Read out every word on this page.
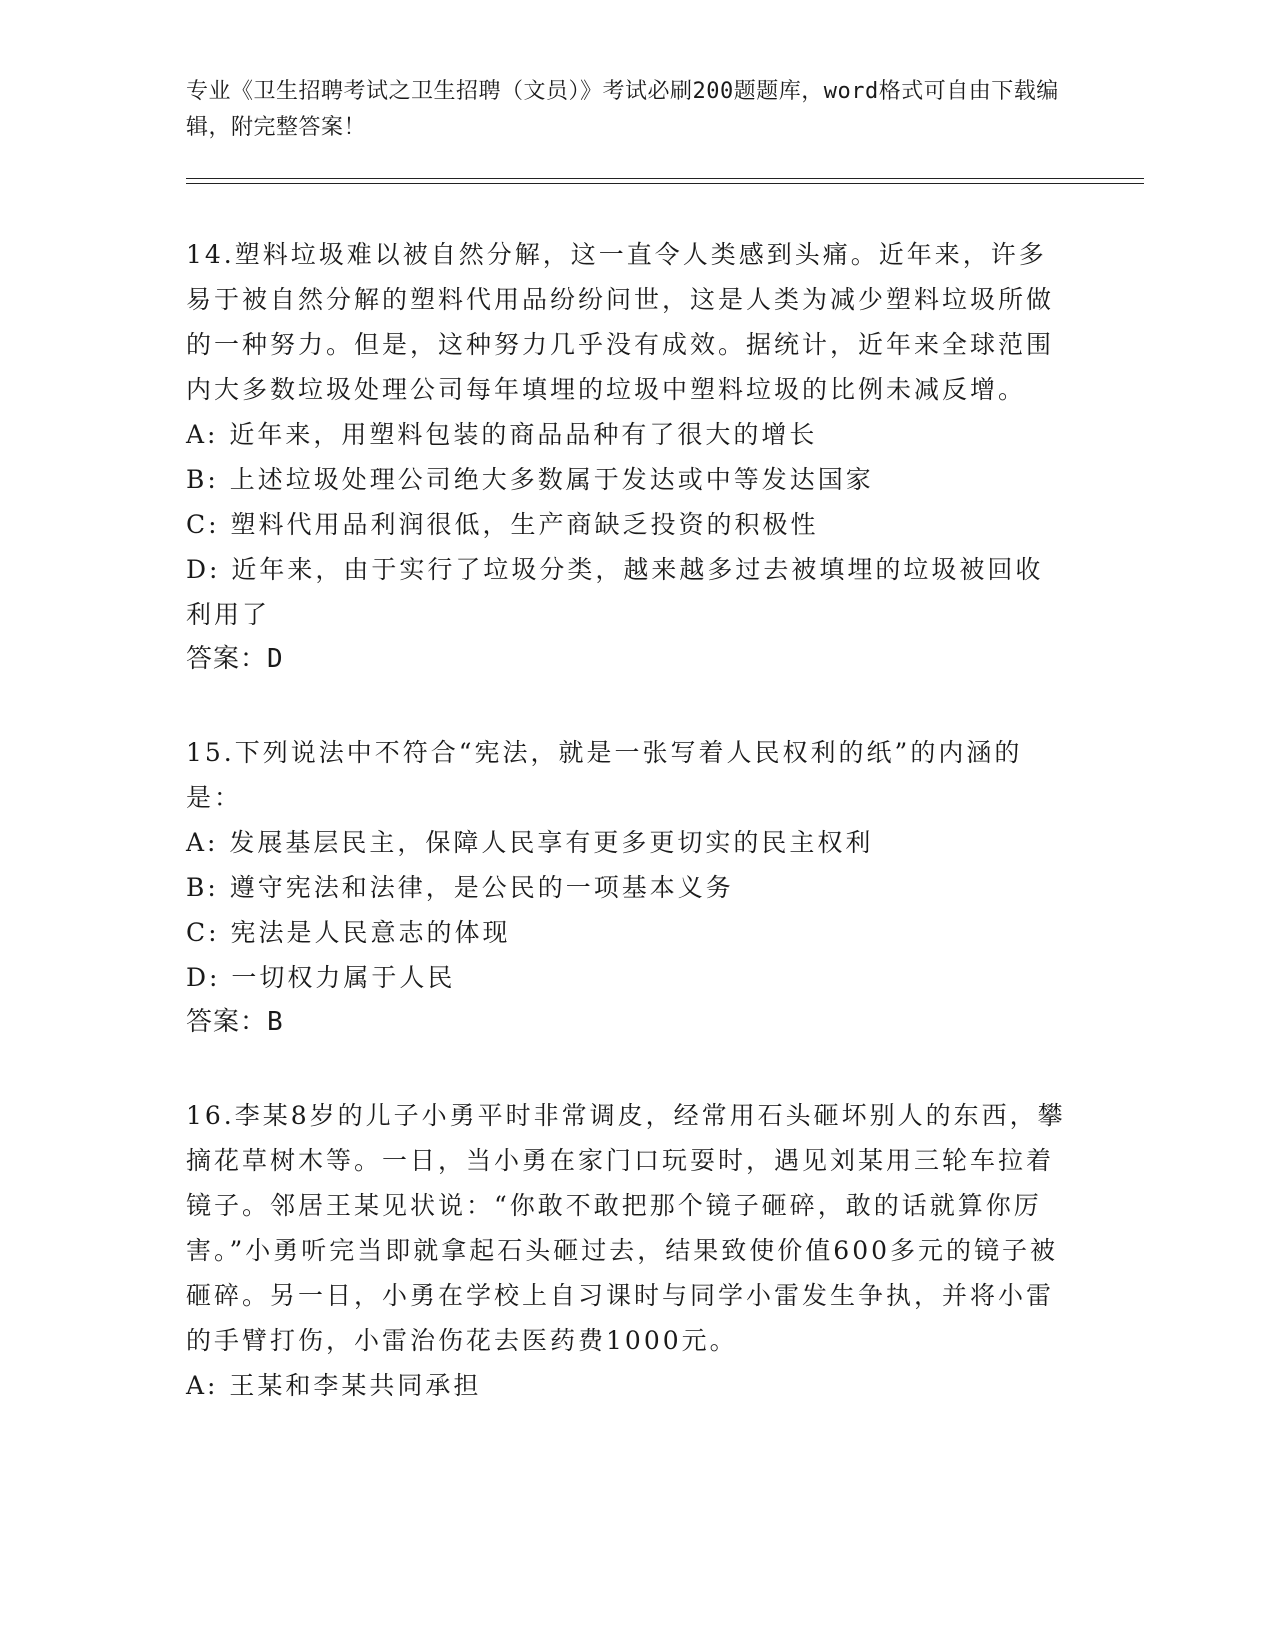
专业《卫生招聘考试之卫生招聘（文员）》考试必刷200题题库，word格式可自由下载编辑，附完整答案！

14.塑料垃圾难以被自然分解，这一直令人类感到头痛。近年来，许多易于被自然分解的塑料代用品纷纷问世，这是人类为减少塑料垃圾所做的一种努力。但是，这种努力几乎没有成效。据统计，近年来全球范围内大多数垃圾处理公司每年填埋的垃圾中塑料垃圾的比例未减反增。

A: 近年来，用塑料包装的商品品种有了很大的增长

B: 上述垃圾处理公司绝大多数属于发达或中等发达国家

C: 塑料代用品利润很低，生产商缺乏投资的积极性

D: 近年来，由于实行了垃圾分类，越来越多过去被填埋的垃圾被回收利用了

答案：D

15.下列说法中不符合“宪法，就是一张写着人民权利的纸”的内涵的是：

A: 发展基层民主，保障人民享有更多更切实的民主权利

B: 遵守宪法和法律，是公民的一项基本义务

C: 宪法是人民意志的体现

D: 一切权力属于人民

答案：B

16.李某8岁的儿子小勇平时非常调皮，经常用石头砸坏别人的东西，攀摘花草树木等。一日，当小勇在家门口玩耍时，遇见刘某用三轮车拉着镜子。邻居王某见状说：“你敢不敢把那个镜子砸碎，敢的话就算你厉害。”小勇听完当即就拿起石头砸过去，结果致使价值600多元的镜子被砸碎。另一日，小勇在学校上自习课时与同学小雷发生争执，并将小雷的手臂打伤，小雷治伤花去医药费1000元。

A: 王某和李某共同承担
